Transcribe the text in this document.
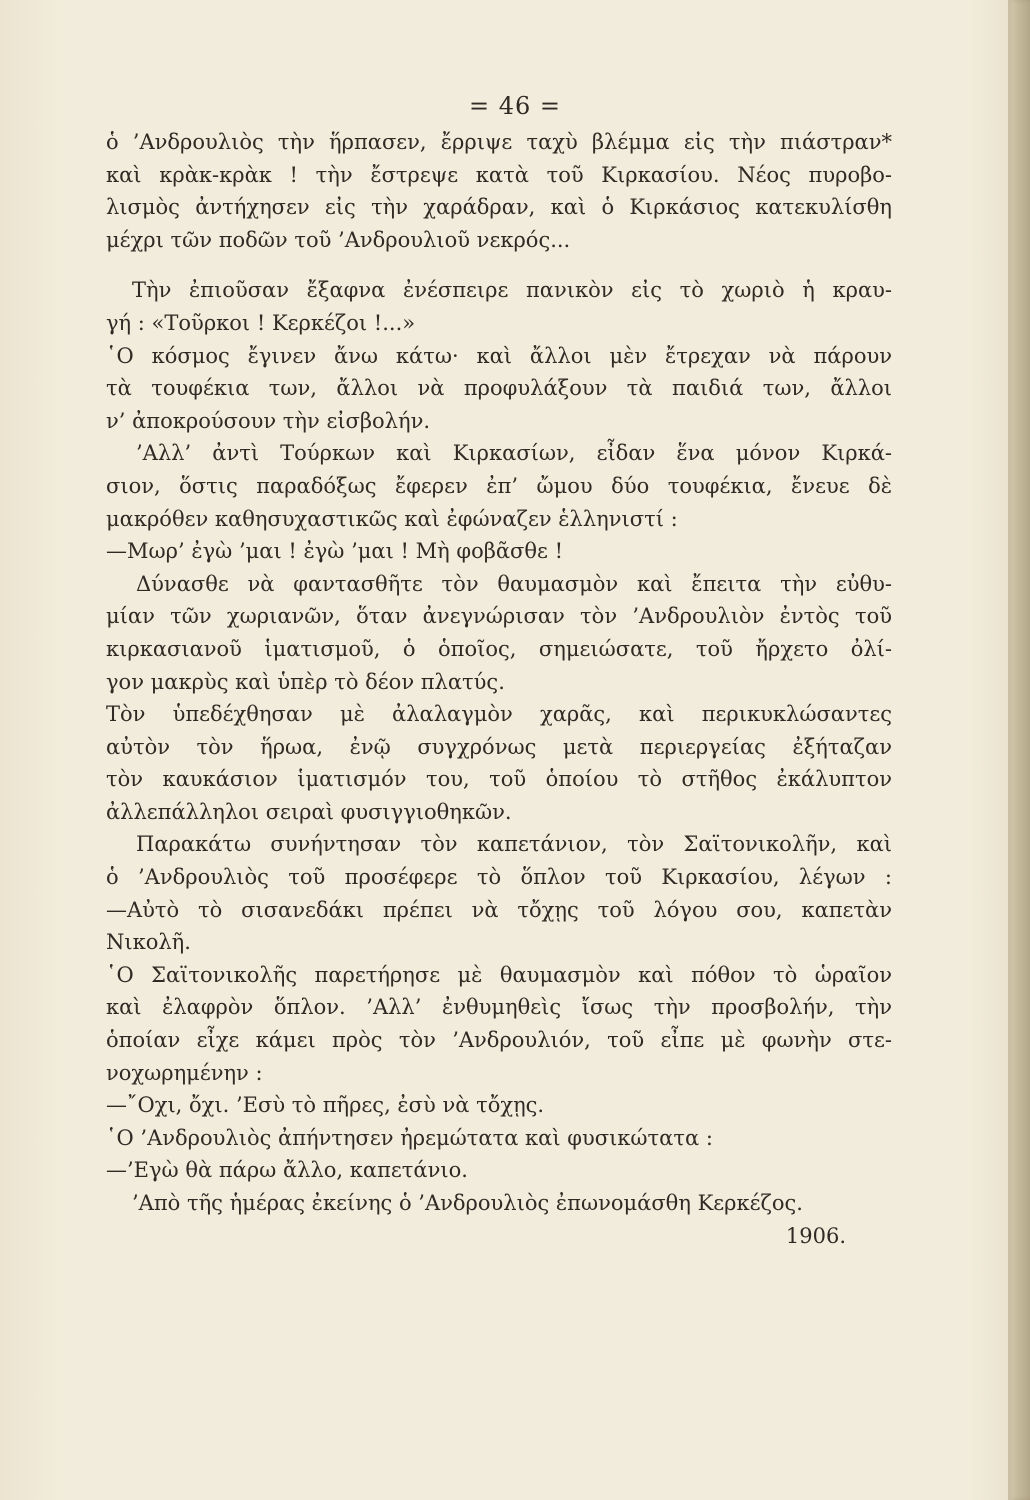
= 46 =
ὁ ’Ανδρουλιὸς τὴν ἥρπασεν, ἔρριψε ταχὺ βλέμμα εἰς τὴν πιάστραν*
καὶ κρὰκ-κρὰκ ! τὴν ἔστρεψε κατὰ τοῦ Κιρκασίου. Νέος πυροβο-
λισμὸς ἀντήχησεν εἰς τὴν χαράδραν, καὶ ὁ Κιρκάσιος κατεκυλίσθη
μέχρι τῶν ποδῶν τοῦ ’Ανδρουλιοῦ νεκρός...
Τὴν ἐπιοῦσαν ἔξαφνα ἐνέσπειρε πανικὸν εἰς τὸ χωριὸ ἡ κραυ-
γή : «Τοῦρκοι ! Κερκέζοι !...»
῾Ο κόσμος ἔγινεν ἄνω κάτω· καὶ ἄλλοι μὲν ἔτρεχαν νὰ πάρουν
τὰ τουφέκια των, ἄλλοι νὰ προφυλάξουν τὰ παιδιά των, ἄλλοι
ν’ ἀποκρούσουν τὴν εἰσβολήν.
’Αλλ’ ἀντὶ Τούρκων καὶ Κιρκασίων, εἶδαν ἕνα μόνον Κιρκά-
σιον, ὅστις παραδόξως ἔφερεν ἐπ’ ὤμου δύο τουφέκια, ἔνευε δὲ
μακρόθεν καθησυχαστικῶς καὶ ἐφώναζεν ἑλληνιστί :
—Μωρ’ ἐγὼ ’μαι ! ἐγὼ ’μαι ! Μὴ φοβᾶσθε !
Δύνασθε νὰ φαντασθῆτε τὸν θαυμασμὸν καὶ ἔπειτα τὴν εὐθυ-
μίαν τῶν χωριανῶν, ὅταν ἀνεγνώρισαν τὸν ’Ανδρουλιὸν ἐντὸς τοῦ
κιρκασιανοῦ ἱματισμοῦ, ὁ ὁποῖος, σημειώσατε, τοῦ ἤρχετο ὀλί-
γον μακρὺς καὶ ὑπὲρ τὸ δέον πλατύς.
Τὸν ὑπεδέχθησαν μὲ ἀλαλαγμὸν χαρᾶς, καὶ περικυκλώσαντες
αὐτὸν τὸν ἥρωα, ἐνῷ συγχρόνως μετὰ περιεργείας ἐξήταζαν
τὸν καυκάσιον ἱματισμόν του, τοῦ ὁποίου τὸ στῆθος ἐκάλυπτον
ἀλλεπάλληλοι σειραὶ φυσιγγιοθηκῶν.
Παρακάτω συνήντησαν τὸν καπετάνιον, τὸν Σαϊτονικολῆν, καὶ
ὁ ’Ανδρουλιὸς τοῦ προσέφερε τὸ ὅπλον τοῦ Κιρκασίου, λέγων :
—Αὐτὸ τὸ σισανεδάκι πρέπει νὰ τὄχῃς τοῦ λόγου σου, καπετὰν
Νικολῆ.
῾Ο Σαϊτονικολῆς παρετήρησε μὲ θαυμασμὸν καὶ πόθον τὸ ὡραῖον
καὶ ἐλαφρὸν ὅπλον. ’Αλλ’ ἐνθυμηθεὶς ἴσως τὴν προσβολήν, τὴν
ὁποίαν εἶχε κάμει πρὸς τὸν ’Ανδρουλιόν, τοῦ εἶπε μὲ φωνὴν στε-
νοχωρημένην :
—῎Οχι, ὄχι. ’Εσὺ τὸ πῆρες, ἐσὺ νὰ τὄχῃς.
῾Ο ’Ανδρουλιὸς ἀπήντησεν ἠρεμώτατα καὶ φυσικώτατα :
—’Εγὼ θὰ πάρω ἄλλο, καπετάνιο.
’Απὸ τῆς ἡμέρας ἐκείνης ὁ ’Ανδρουλιὸς ἐπωνομάσθη Κερκέζος.
1906.
